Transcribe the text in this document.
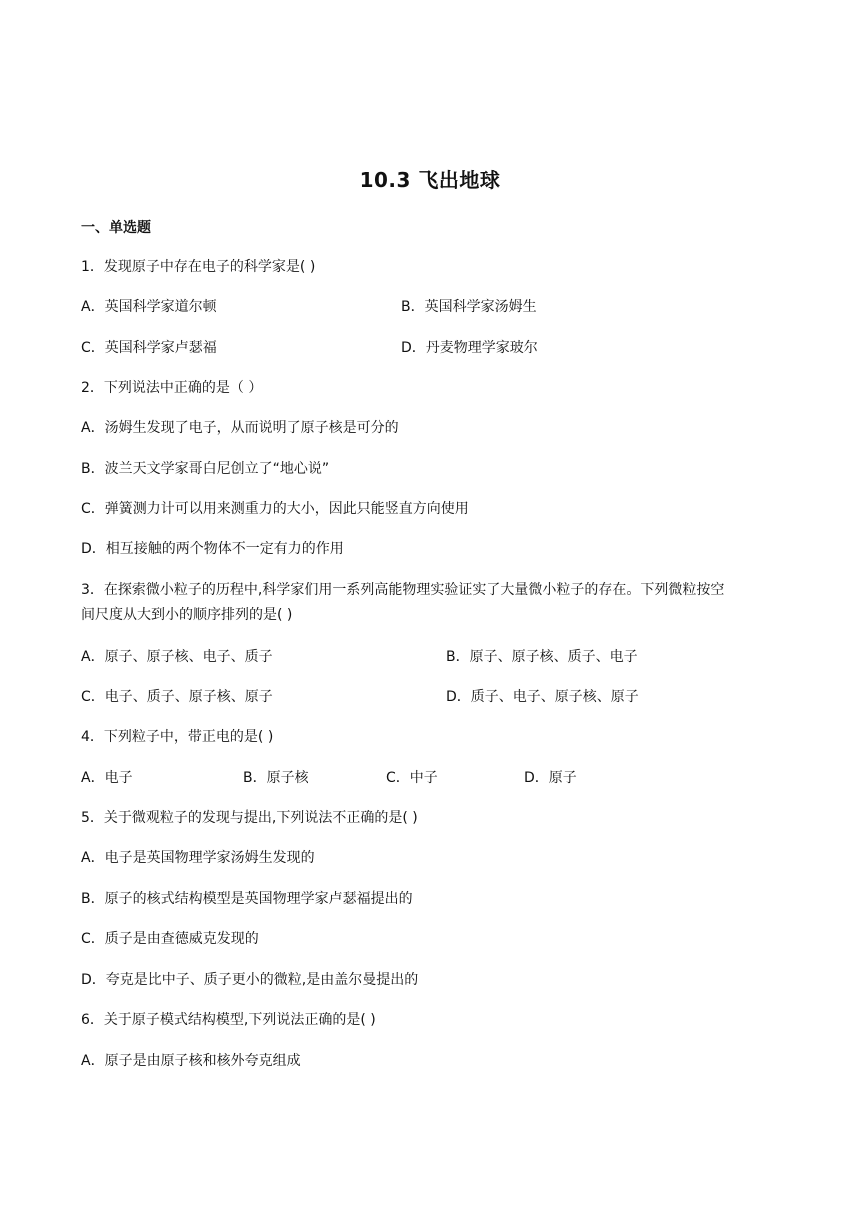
10.3 飞出地球
一、单选题
1．发现原子中存在电子的科学家是( )
A．英国科学家道尔顿	B．英国科学家汤姆生
C．英国科学家卢瑟福	D．丹麦物理学家玻尔
2．下列说法中正确的是（ ）
A．汤姆生发现了电子，从而说明了原子核是可分的
B．波兰天文学家哥白尼创立了“地心说”
C．弹簧测力计可以用来测重力的大小，因此只能竖直方向使用
D．相互接触的两个物体不一定有力的作用
3．在探索微小粒子的历程中,科学家们用一系列高能物理实验证实了大量微小粒子的存在。下列微粒按空
间尺度从大到小的顺序排列的是( )
A．原子、原子核、电子、质子	B．原子、原子核、质子、电子
C．电子、质子、原子核、原子	D．质子、电子、原子核、原子
4．下列粒子中，带正电的是( )
A．电子	B．原子核	C．中子	D．原子
5．关于微观粒子的发现与提出,下列说法不正确的是( )
A．电子是英国物理学家汤姆生发现的
B．原子的核式结构模型是英国物理学家卢瑟福提出的
C．质子是由查德威克发现的
D．夸克是比中子、质子更小的微粒,是由盖尔曼提出的
6．关于原子模式结构模型,下列说法正确的是( )
A．原子是由原子核和核外夸克组成
